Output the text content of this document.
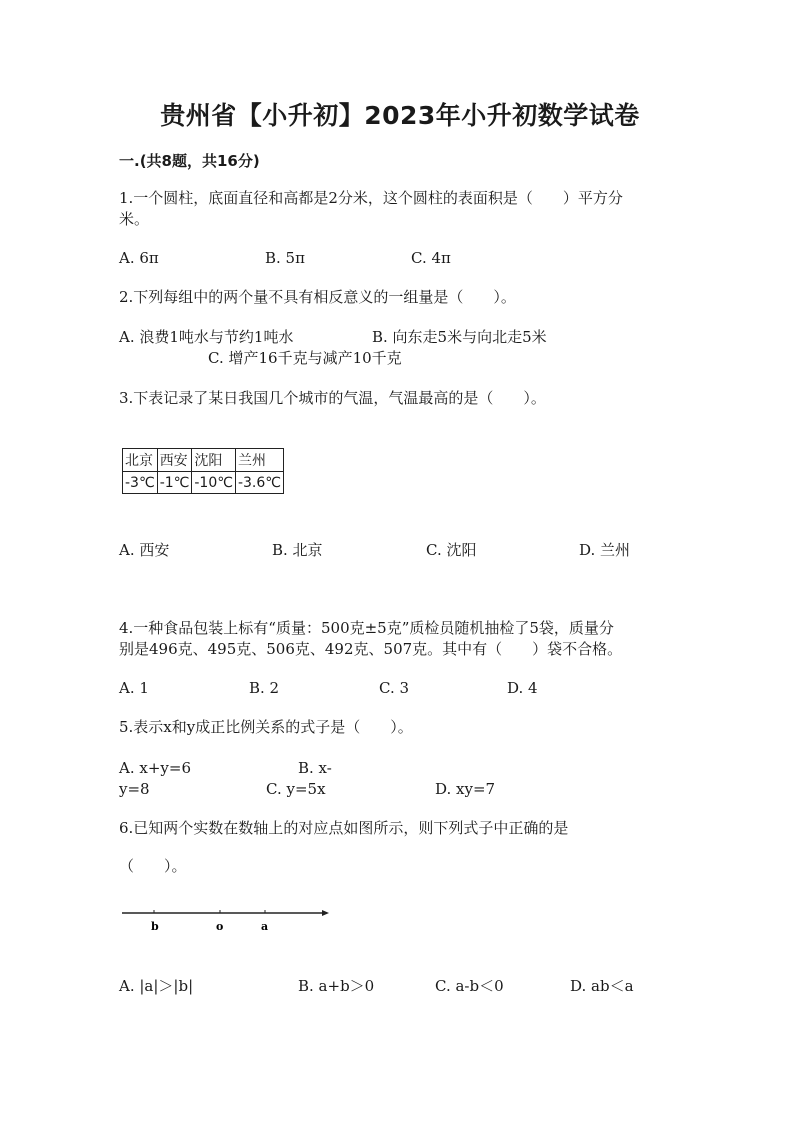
贵州省【小升初】2023年小升初数学试卷
一.(共8题，共16分)
1.一个圆柱，底面直径和高都是2分米，这个圆柱的表面积是（　　）平方分
米。
A. 6π	B. 5π	C. 4π
2.下列每组中的两个量不具有相反意义的一组量是（　　）。
A. 浪费1吨水与节约1吨水	B. 向东走5米与向北走5米
C. 增产16千克与减产10千克
3.下表记录了某日我国几个城市的气温，气温最高的是（　　）。
北京	西安	沈阳	兰州
-3℃	-1℃	-10℃	-3.6℃
A. 西安	B. 北京	C. 沈阳	D. 兰州
4.一种食品包装上标有“质量：500克±5克”质检员随机抽检了5袋，质量分
别是496克、495克、506克、492克、507克。其中有（　　）袋不合格。
A. 1	B. 2	C. 3	D. 4
5.表示x和y成正比例关系的式子是（　　）。
A. x+y=6	B. x-
y=8	C. y=5x	D. xy=7
6.已知两个实数在数轴上的对应点如图所示，则下列式子中正确的是
（　　）。
b	o	a
A. |a|＞|b|	B. a+b＞0	C. a-b＜0	D. ab＜a
